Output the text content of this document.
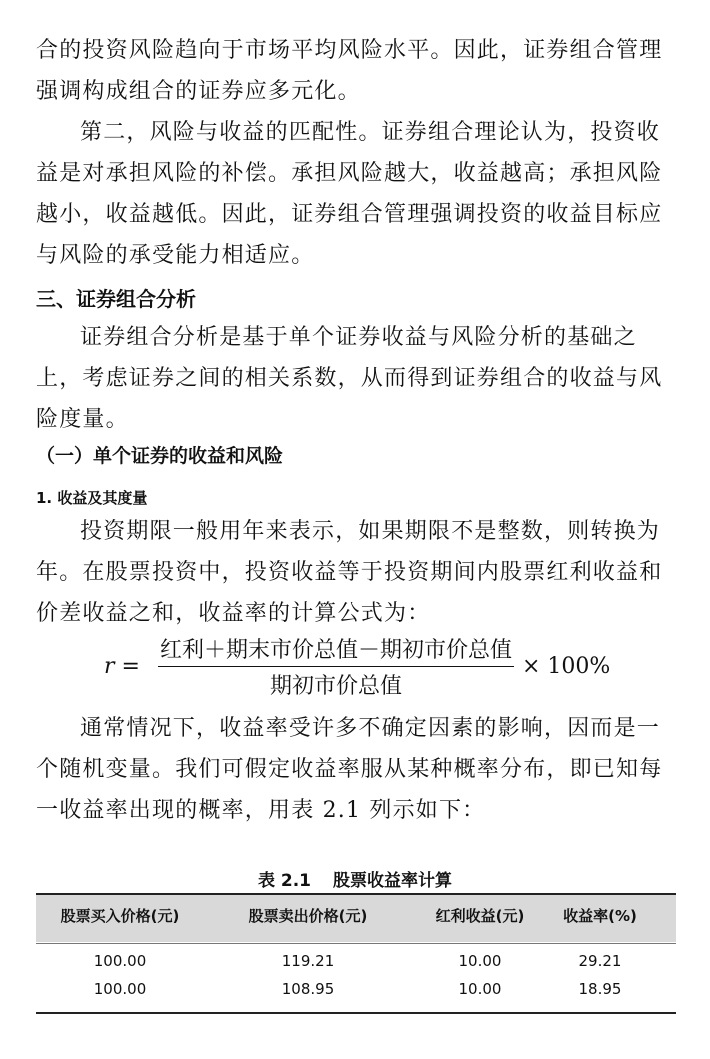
合的投资风险趋向于市场平均风险水平。因此，证券组合管理强调构成组合的证券应多元化。

第二，风险与收益的匹配性。证券组合理论认为，投资收益是对承担风险的补偿。承担风险越大，收益越高；承担风险越小，收益越低。因此，证券组合管理强调投资的收益目标应与风险的承受能力相适应。

三、证券组合分析

证券组合分析是基于单个证券收益与风险分析的基础之上，考虑证券之间的相关系数，从而得到证券组合的收益与风险度量。

（一）单个证券的收益和风险
1. 收益及其度量

投资期限一般用年来表示，如果期限不是整数，则转换为年。在股票投资中，投资收益等于投资期间内股票红利收益和价差收益之和，收益率的计算公式为：

$r = \frac{\text{红利＋期末市价总值－期初市价总值}}{\text{期初市价总值}} \times 100\%$

通常情况下，收益率受许多不确定因素的影响，因而是一个随机变量。我们可假定收益率服从某种概率分布，即已知每一收益率出现的概率，用表 2.1 列示如下：

表 2.1 股票收益率计算
股票买入价格(元)	股票卖出价格(元)	红利收益(元)	收益率(%)
100.00	119.21	10.00	29.21
100.00	108.95	10.00	18.95
